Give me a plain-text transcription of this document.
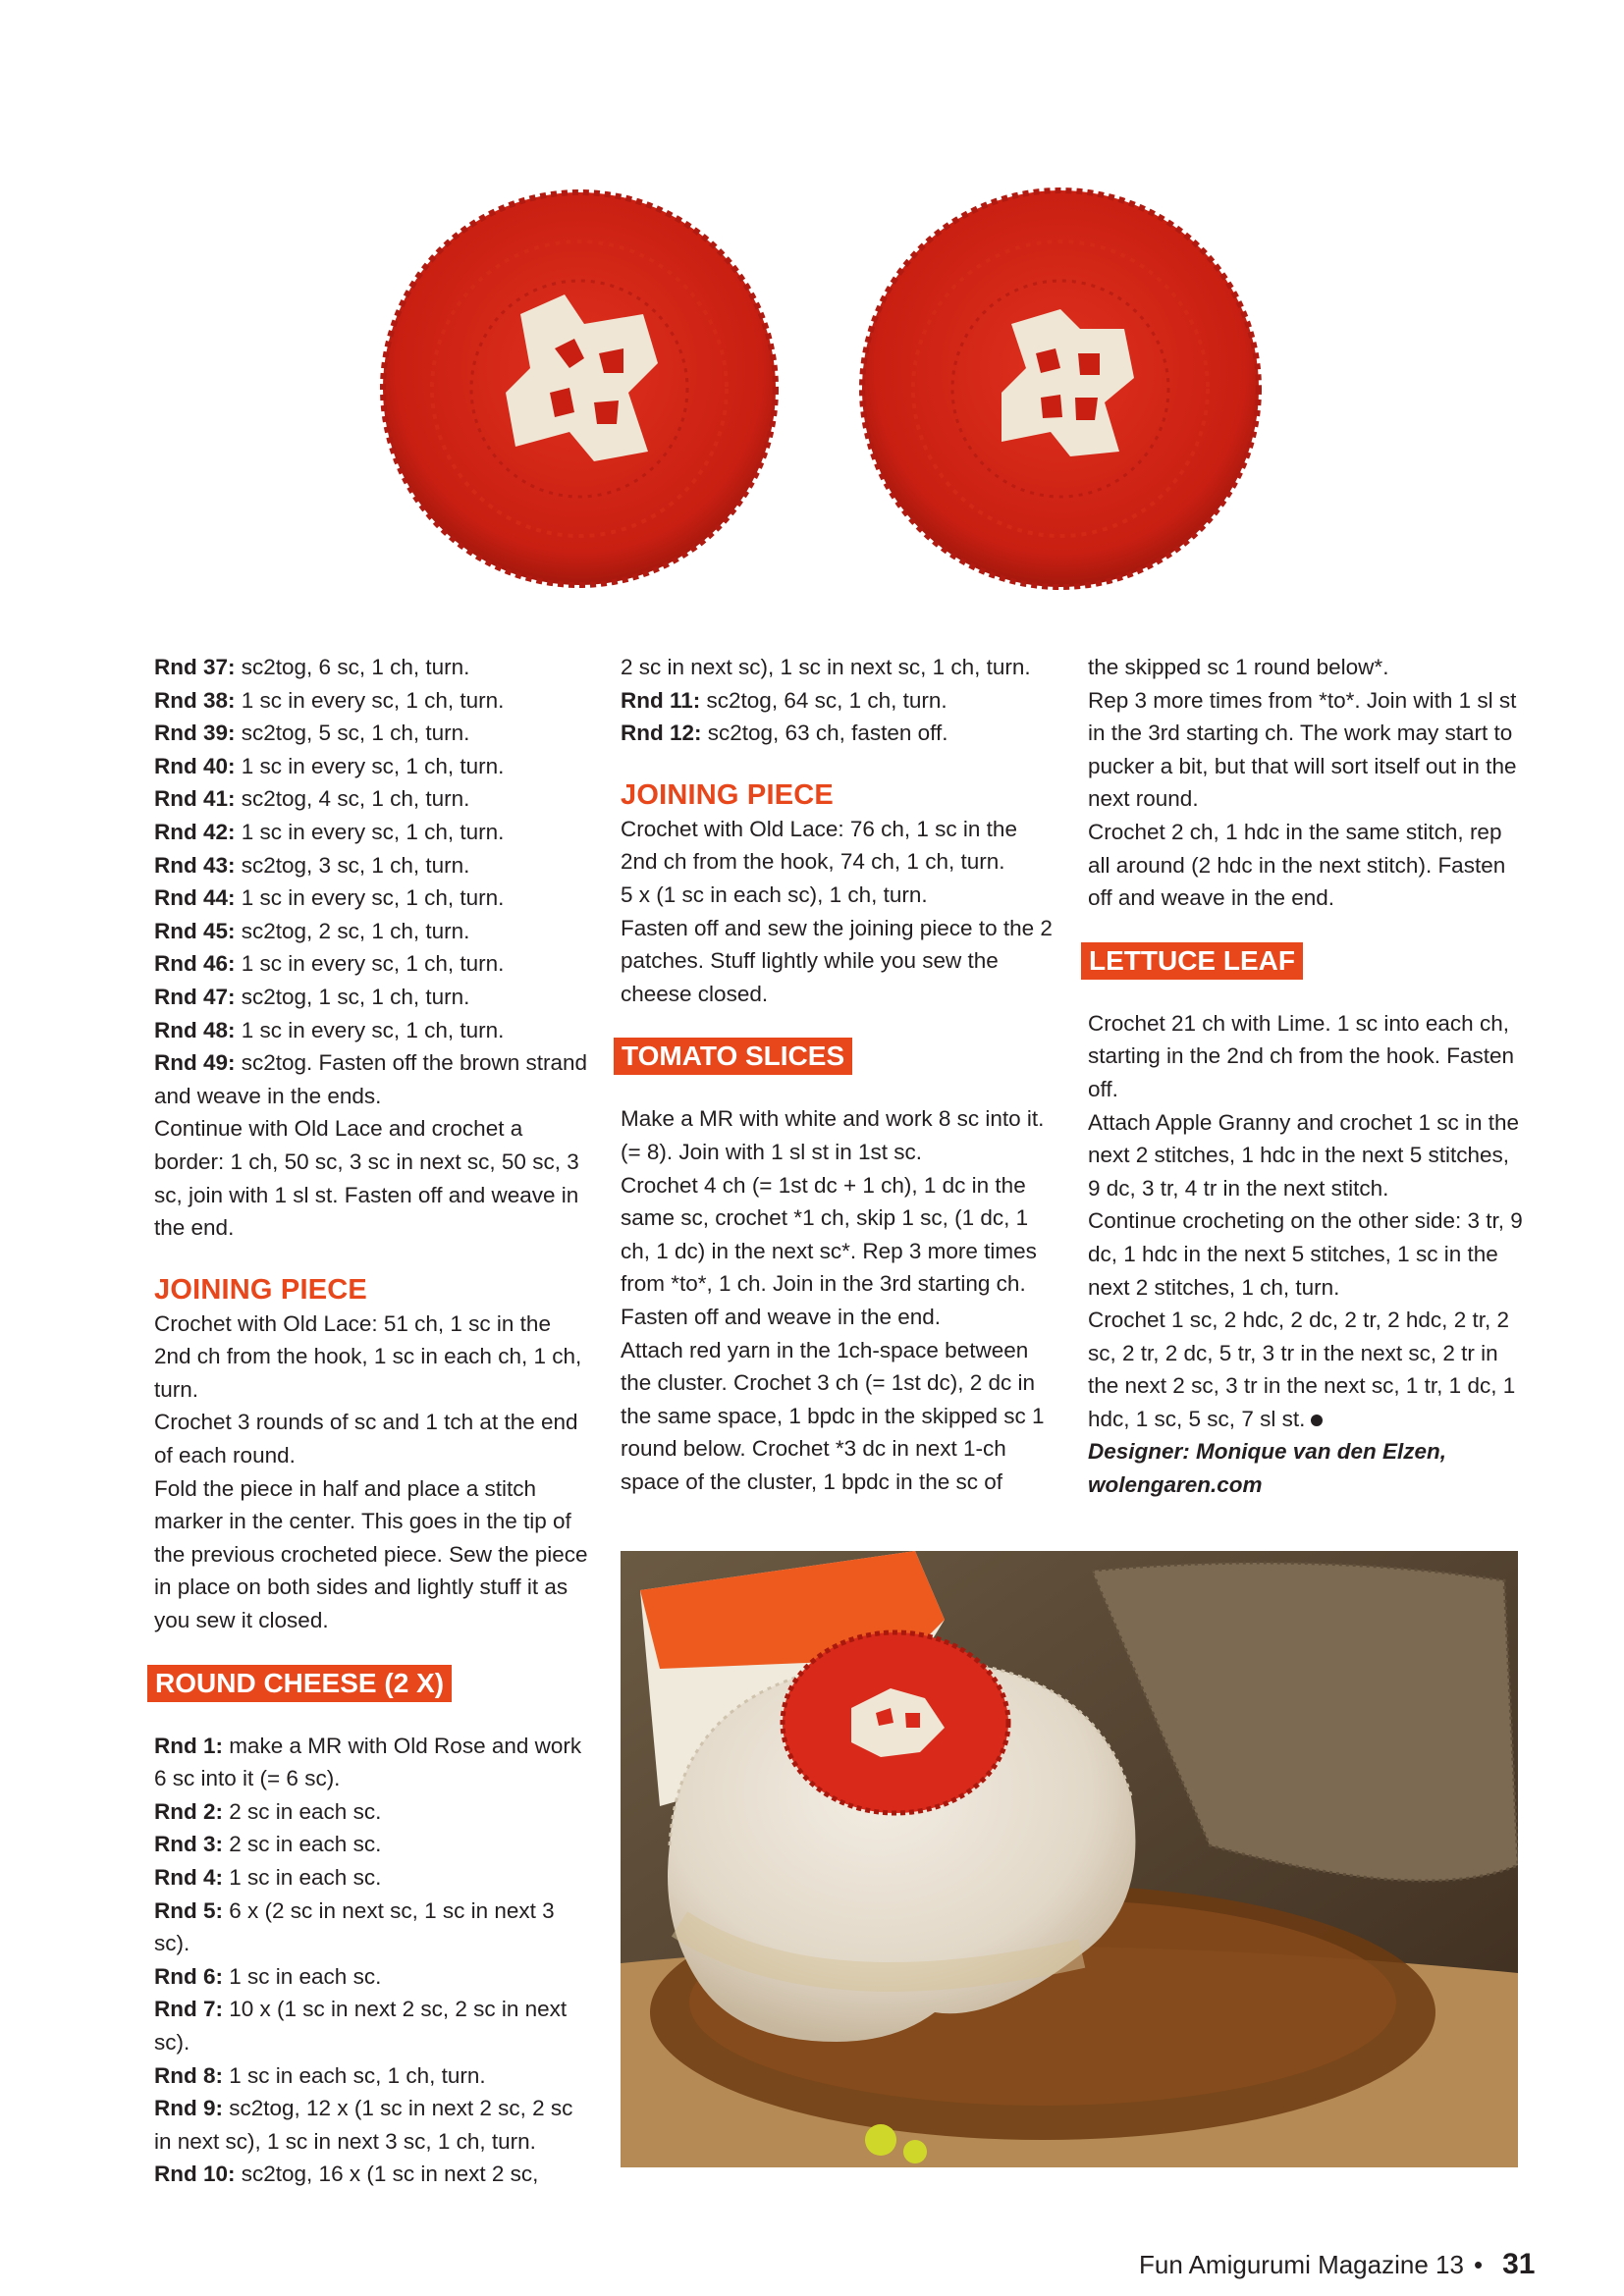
Rnd 37: sc2tog, 6 sc, 1 ch, turn.
Rnd 38: 1 sc in every sc, 1 ch, turn.
Rnd 39: sc2tog, 5 sc, 1 ch, turn.
Rnd 40: 1 sc in every sc, 1 ch, turn.
Rnd 41: sc2tog, 4 sc, 1 ch, turn.
Rnd 42: 1 sc in every sc, 1 ch, turn.
Rnd 43: sc2tog, 3 sc, 1 ch, turn.
Rnd 44: 1 sc in every sc, 1 ch, turn.
Rnd 45: sc2tog, 2 sc, 1 ch, turn.
Rnd 46: 1 sc in every sc, 1 ch, turn.
Rnd 47: sc2tog, 1 sc, 1 ch, turn.
Rnd 48: 1 sc in every sc, 1 ch, turn.
Rnd 49: sc2tog. Fasten off the brown strand and weave in the ends.

Continue with Old Lace and crochet a border: 1 ch, 50 sc, 3 sc in next sc, 50 sc, 3 sc, join with 1 sl st. Fasten off and weave in the end.

JOINING PIECE

Crochet with Old Lace: 51 ch, 1 sc in the 2nd ch from the hook, 1 sc in each ch, 1 ch, turn.

Crochet 3 rounds of sc and 1 tch at the end of each round.

Fold the piece in half and place a stitch marker in the center. This goes in the tip of the previous crocheted piece. Sew the piece in place on both sides and lightly stuff it as you sew it closed.

ROUND CHEESE (2 X)

Rnd 1: make a MR with Old Rose and work 6 sc into it (= 6 sc).
Rnd 2: 2 sc in each sc.
Rnd 3: 2 sc in each sc.
Rnd 4: 1 sc in each sc.
Rnd 5: 6 x (2 sc in next sc, 1 sc in next 3 sc).
Rnd 6: 1 sc in each sc.
Rnd 7: 10 x (1 sc in next 2 sc, 2 sc in next sc).
Rnd 8: 1 sc in each sc, 1 ch, turn.
Rnd 9: sc2tog, 12 x (1 sc in next 2 sc, 2 sc in next sc), 1 sc in next 3 sc, 1 ch, turn.
Rnd 10: sc2tog, 16 x (1 sc in next 2 sc,

2 sc in next sc), 1 sc in next sc, 1 ch, turn.

Rnd 11: sc2tog, 64 sc, 1 ch, turn.
Rnd 12: sc2tog, 63 ch, fasten off.

JOINING PIECE

Crochet with Old Lace: 76 ch, 1 sc in the 2nd ch from the hook, 74 ch, 1 ch, turn.

5 x (1 sc in each sc), 1 ch, turn.

Fasten off and sew the joining piece to the 2 patches. Stuff lightly while you sew the cheese closed.

TOMATO SLICES

Make a MR with white and work 8 sc into it. (= 8). Join with 1 sl st in 1st sc.

Crochet 4 ch (= 1st dc + 1 ch), 1 dc in the same sc, crochet *1 ch, skip 1 sc, (1 dc, 1 ch, 1 dc) in the next sc*. Rep 3 more times from *to*, 1 ch. Join in the 3rd starting ch. Fasten off and weave in the end.

Attach red yarn in the 1ch-space between the cluster. Crochet 3 ch (= 1st dc), 2 dc in the same space, 1 bpdc in the skipped sc 1 round below. Crochet *3 dc in next 1-ch space of the cluster, 1 bpdc in the sc of

the skipped sc 1 round below*.

Rep 3 more times from *to*. Join with 1 sl st in the 3rd starting ch. The work may start to pucker a bit, but that will sort itself out in the next round.

Crochet 2 ch, 1 hdc in the same stitch, rep all around (2 hdc in the next stitch). Fasten off and weave in the end.

LETTUCE LEAF

Crochet 21 ch with Lime. 1 sc into each ch, starting in the 2nd ch from the hook. Fasten off.

Attach Apple Granny and crochet 1 sc in the next 2 stitches, 1 hdc in the next 5 stitches, 9 dc, 3 tr, 4 tr in the next stitch.

Continue crocheting on the other side: 3 tr, 9 dc, 1 hdc in the next 5 stitches, 1 sc in the next 2 stitches, 1 ch, turn.

Crochet 1 sc, 2 hdc, 2 dc, 2 tr, 2 hdc, 2 tr, 2 sc, 2 tr, 2 dc, 5 tr, 3 tr in the next sc, 2 tr in the next 2 sc, 3 tr in the next sc, 1 tr, 1 dc, 1 hdc, 1 sc, 5 sc, 7 sl st.

Designer: Monique van den Elzen, wolengaren.com

Fun Amigurumi Magazine 13 • 31
